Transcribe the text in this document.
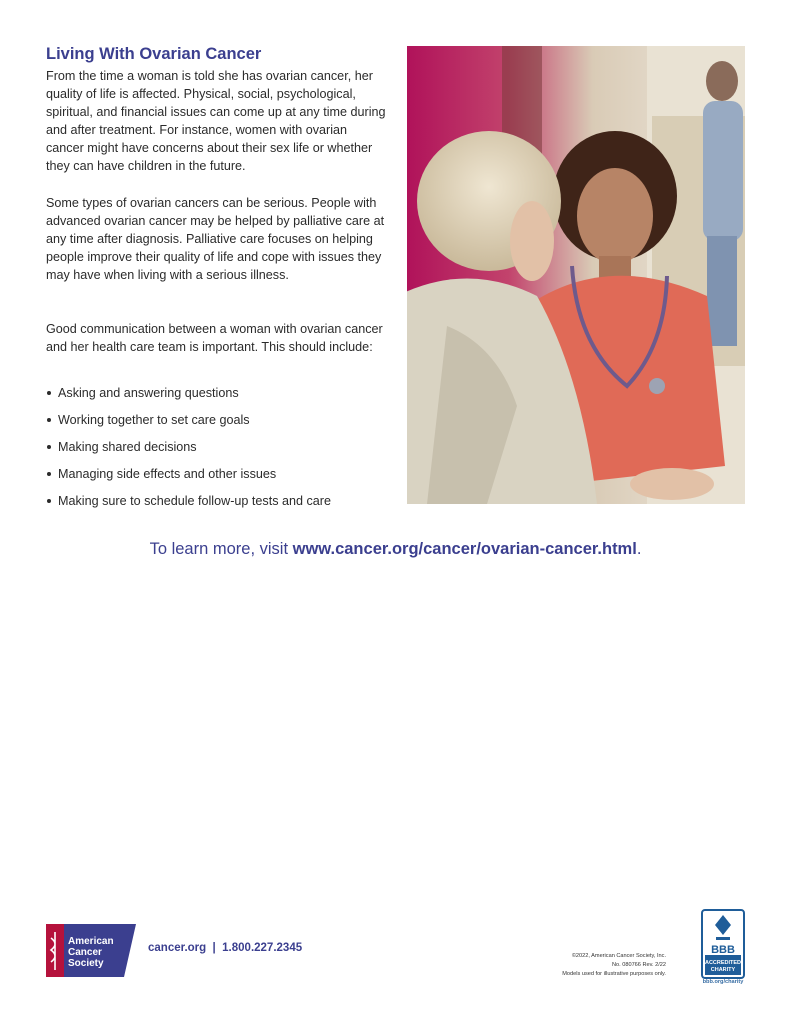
Living With Ovarian Cancer

From the time a woman is told she has ovarian cancer, her quality of life is affected. Physical, social, psychological, spiritual, and financial issues can come up at any time during and after treatment. For instance, women with ovarian cancer might have concerns about their sex life or whether they can have children in the future.

Some types of ovarian cancers can be serious. People with advanced ovarian cancer may be helped by palliative care at any time after diagnosis. Palliative care focuses on helping people improve their quality of life and cope with issues they may have when living with a serious illness.

Good communication between a woman with ovarian cancer and her health care team is important. This should include:

Asking and answering questions
Working together to set care goals
Making shared decisions
Managing side effects and other issues
Making sure to schedule follow-up tests and care
To learn more, visit www.cancer.org/cancer/ovarian-cancer.html.
American
Cancer
Society
cancer.org  |  1.800.227.2345
©2022, American Cancer Society, Inc.
No. 080766 Rev. 2/22
Models used for illustrative purposes only.
BBB
ACCREDITED
CHARITY
bbb.org/charity
